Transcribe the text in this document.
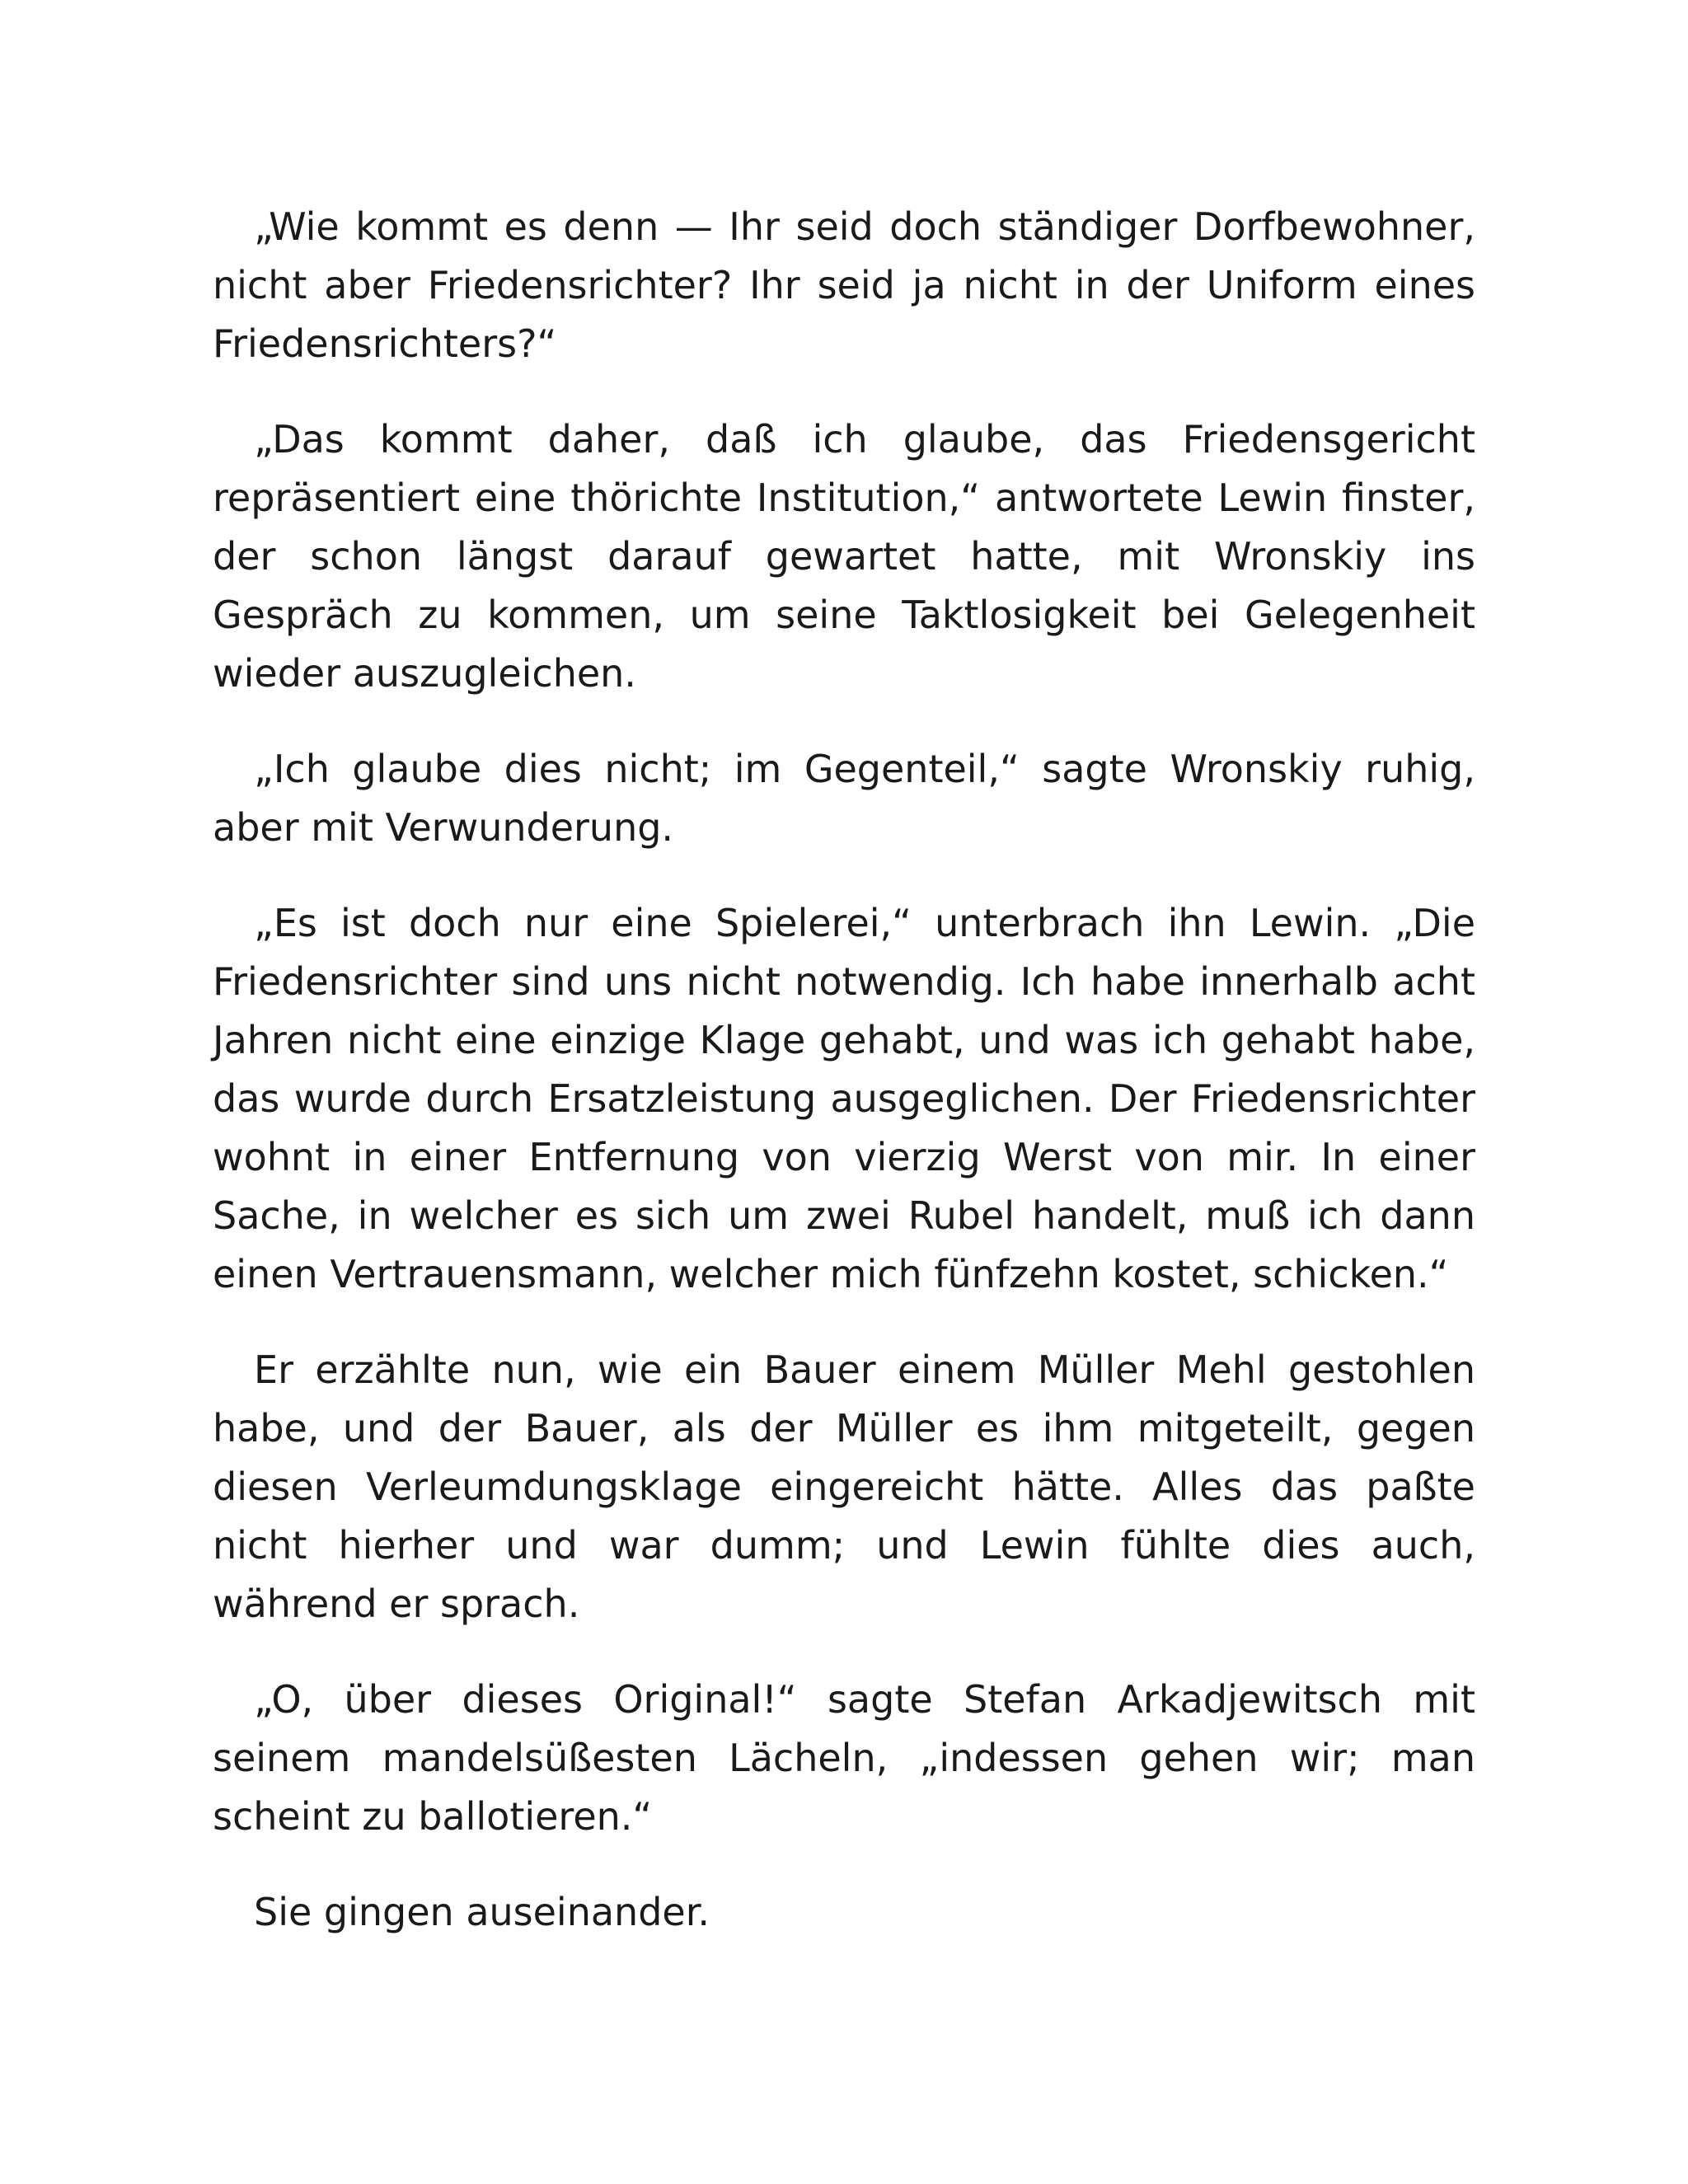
„Wie kommt es denn — Ihr seid doch ständiger Dorfbewohner, nicht aber Friedensrichter? Ihr seid ja nicht in der Uniform eines Friedensrichters?“

„Das kommt daher, daß ich glaube, das Friedensgericht repräsentiert eine thörichte Institution,“ antwortete Lewin finster, der schon längst darauf gewartet hatte, mit Wronskiy ins Gespräch zu kommen, um seine Taktlosigkeit bei Gelegenheit wieder auszugleichen.

„Ich glaube dies nicht; im Gegenteil,“ sagte Wronskiy ruhig, aber mit Verwunderung.

„Es ist doch nur eine Spielerei,“ unterbrach ihn Lewin. „Die Friedensrichter sind uns nicht notwendig. Ich habe innerhalb acht Jahren nicht eine einzige Klage gehabt, und was ich gehabt habe, das wurde durch Ersatzleistung ausgeglichen. Der Friedensrichter wohnt in einer Entfernung von vierzig Werst von mir. In einer Sache, in welcher es sich um zwei Rubel handelt, muß ich dann einen Vertrauensmann, welcher mich fünfzehn kostet, schicken.“

Er erzählte nun, wie ein Bauer einem Müller Mehl gestohlen habe, und der Bauer, als der Müller es ihm mitgeteilt, gegen diesen Verleumdungsklage eingereicht hätte. Alles das paßte nicht hierher und war dumm; und Lewin fühlte dies auch, während er sprach.

„O, über dieses Original!“ sagte Stefan Arkadjewitsch mit seinem mandelsüßesten Lächeln, „indessen gehen wir; man scheint zu ballotieren.“

Sie gingen auseinander.
